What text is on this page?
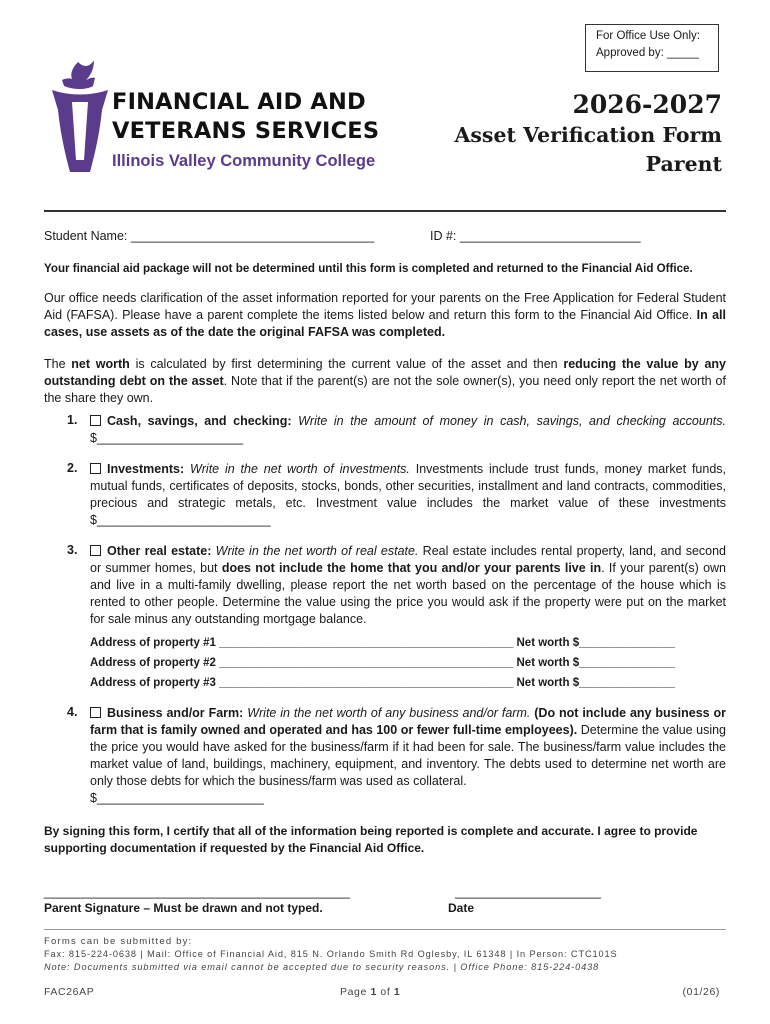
For Office Use Only:
Approved by: _____
FINANCIAL AID AND
VETERANS SERVICES
Illinois Valley Community College
2026-2027
Asset Verification Form
Parent
Student Name: ___________________________________	ID #: __________________________
Your financial aid package will not be determined until this form is completed and returned to the Financial Aid Office.
Our office needs clarification of the asset information reported for your parents on the Free Application for Federal Student Aid (FAFSA). Please have a parent complete the items listed below and return this form to the Financial Aid Office. In all cases, use assets as of the date the original FAFSA was completed.
The net worth is calculated by first determining the current value of the asset and then reducing the value by any outstanding debt on the asset. Note that if the parent(s) are not the sole owner(s), you need only report the net worth of the share they own.
1.	Cash, savings, and checking: Write in the amount of money in cash, savings, and checking accounts. $_____________________
2.	Investments: Write in the net worth of investments. Investments include trust funds, money market funds, mutual funds, certificates of deposits, stocks, bonds, other securities, installment and land contracts, commodities, precious and strategic metals, etc. Investment value includes the market value of these investments $_________________________
3.	Other real estate: Write in the net worth of real estate. Real estate includes rental property, land, and second or summer homes, but does not include the home that you and/or your parents live in. If your parent(s) own and live in a multi-family dwelling, please report the net worth based on the percentage of the house which is rented to other people. Determine the value using the price you would ask if the property were put on the market for sale minus any outstanding mortgage balance.
Address of property #1 ______________________________________________ Net worth $_______________
Address of property #2 ______________________________________________ Net worth $_______________
Address of property #3 ______________________________________________ Net worth $_______________
4.	Business and/or Farm: Write in the net worth of any business and/or farm. (Do not include any business or farm that is family owned and operated and has 100 or fewer full-time employees). Determine the value using the price you would have asked for the business/farm if it had been for sale. The business/farm value includes the market value of land, buildings, machinery, equipment, and inventory. The debts used to determine net worth are only those debts for which the business/farm was used as collateral.
$________________________
By signing this form, I certify that all of the information being reported is complete and accurate. I agree to provide supporting documentation if requested by the Financial Aid Office.
____________________________________________
Parent Signature – Must be drawn and not typed.
_____________________
Date
Forms can be submitted by:
Fax: 815-224-0638 | Mail: Office of Financial Aid, 815 N. Orlando Smith Rd Oglesby, IL 61348 | In Person: CTC101S
Note: Documents submitted via email cannot be accepted due to security reasons. | Office Phone: 815-224-0438
FAC26AP	Page 1 of 1	(01/26)
